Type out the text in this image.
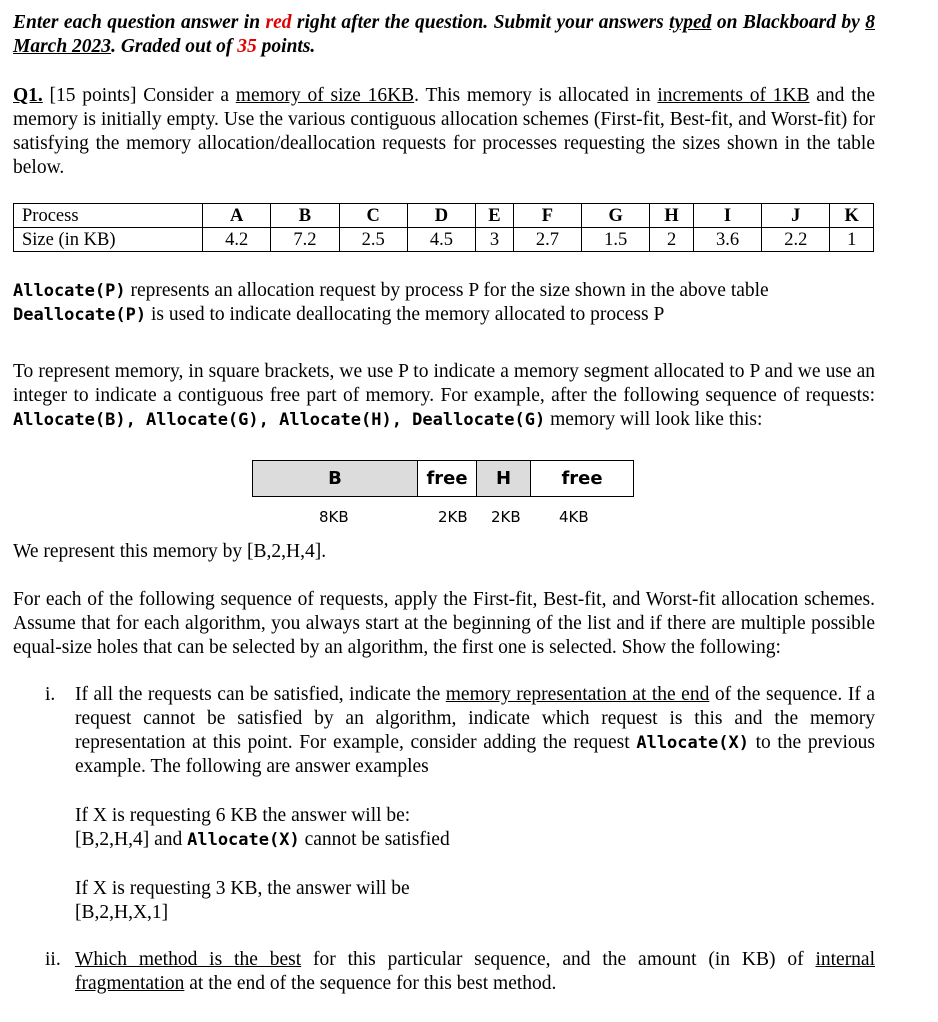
Enter each question answer in red right after the question. Submit your answers typed on Blackboard by 8 March 2023. Graded out of 35 points.
Q1. [15 points] Consider a memory of size 16KB. This memory is allocated in increments of 1KB and the memory is initially empty. Use the various contiguous allocation schemes (First-fit, Best-fit, and Worst-fit) for satisfying the memory allocation/deallocation requests for processes requesting the sizes shown in the table below.
Process	A	B	C	D	E	F	G	H	I	J	K
Size (in KB)	4.2	7.2	2.5	4.5	3	2.7	1.5	2	3.6	2.2	1
Allocate(P) represents an allocation request by process P for the size shown in the above table
Deallocate(P) is used to indicate deallocating the memory allocated to process P
To represent memory, in square brackets, we use P to indicate a memory segment allocated to P and we use an integer to indicate a contiguous free part of memory. For example, after the following sequence of requests: Allocate(B), Allocate(G), Allocate(H), Deallocate(G) memory will look like this:
B	free	H	free
8KB	2KB 2KB	4KB
We represent this memory by [B,2,H,4].
For each of the following sequence of requests, apply the First-fit, Best-fit, and Worst-fit allocation schemes. Assume that for each algorithm, you always start at the beginning of the list and if there are multiple possible equal-size holes that can be selected by an algorithm, the first one is selected. Show the following:
i. If all the requests can be satisfied, indicate the memory representation at the end of the sequence. If a request cannot be satisfied by an algorithm, indicate which request is this and the memory representation at this point. For example, consider adding the request Allocate(X) to the previous example. The following are answer examples
If X is requesting 6 KB the answer will be:
[B,2,H,4] and Allocate(X) cannot be satisfied
If X is requesting 3 KB, the answer will be
[B,2,H,X,1]
ii. Which method is the best for this particular sequence, and the amount (in KB) of internal fragmentation at the end of the sequence for this best method.
